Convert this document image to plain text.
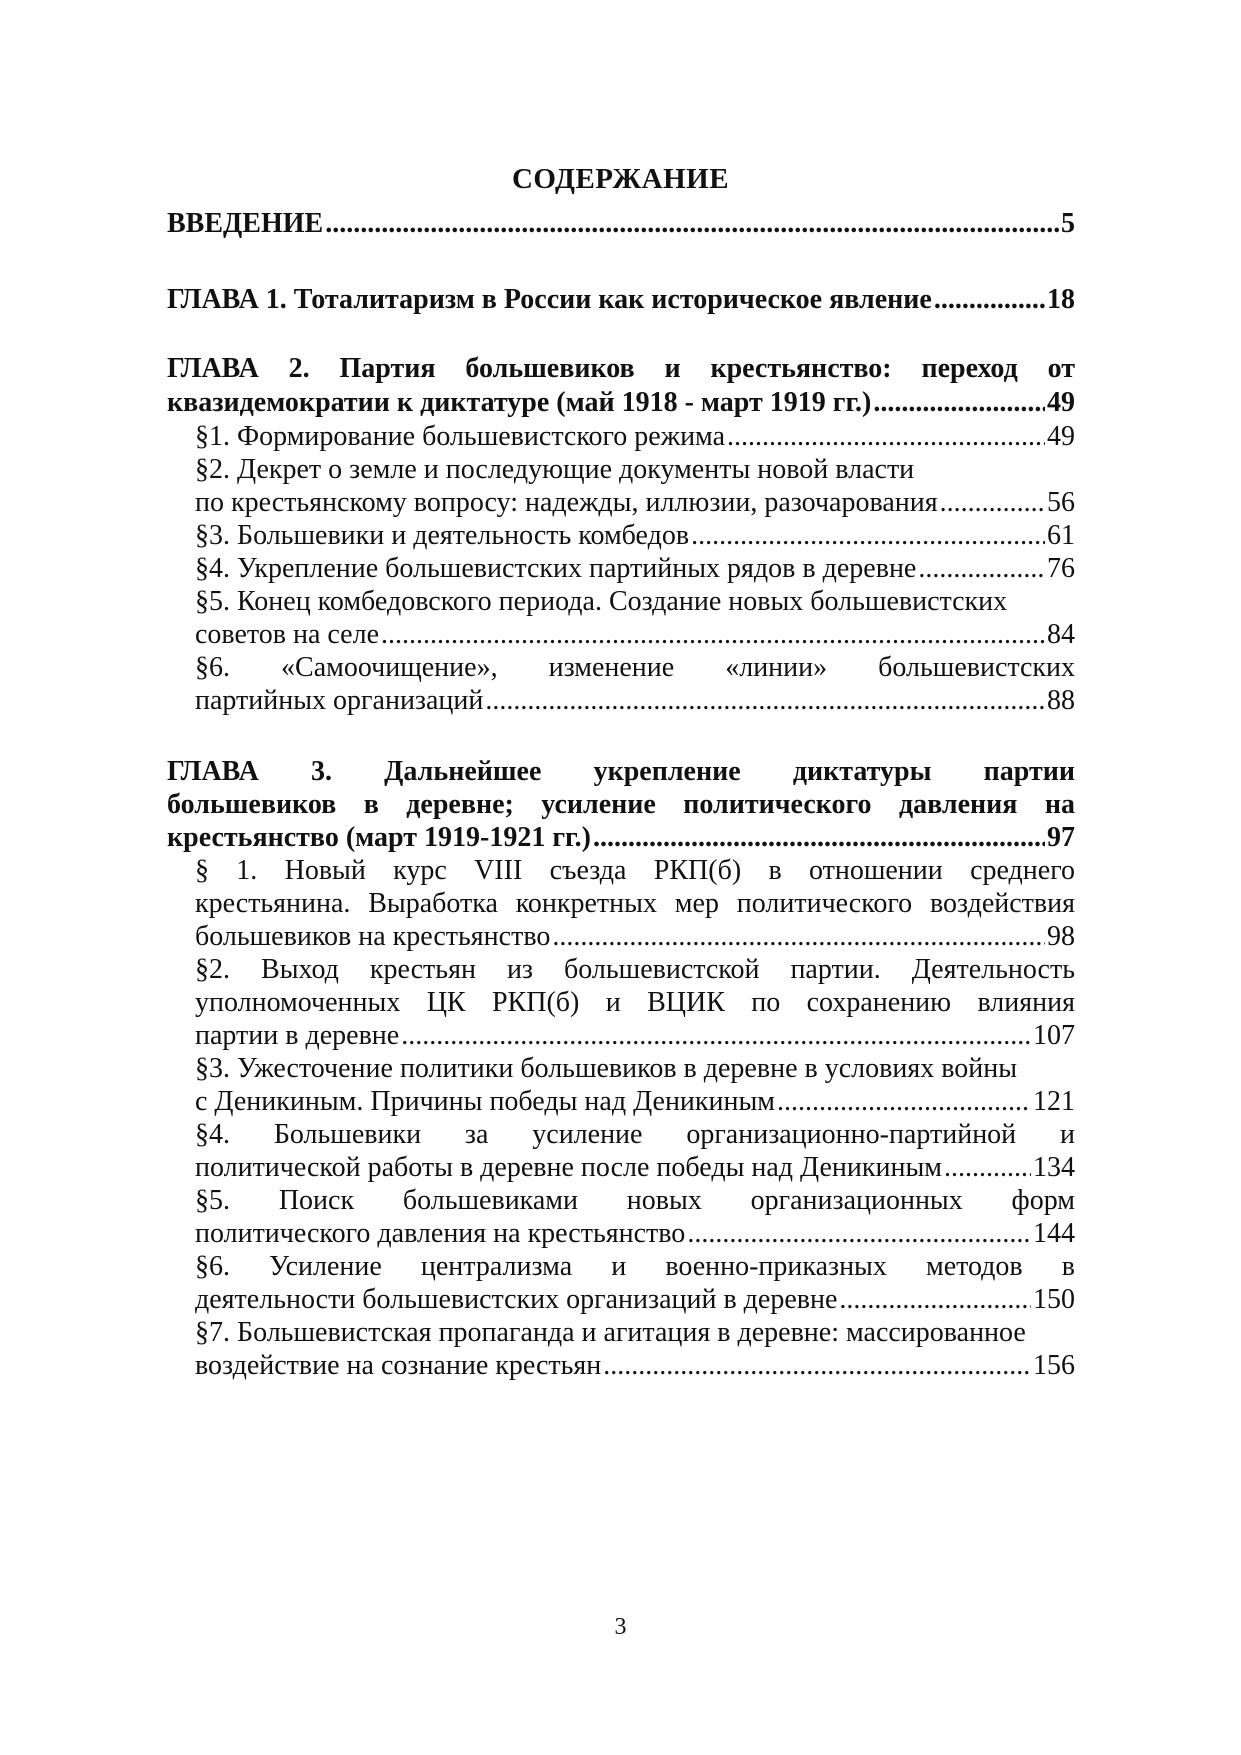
СОДЕРЖАНИЕ
ВВЕДЕНИЕ .....	5
ГЛАВА 1. Тоталитаризм в России как историческое явление .....	18
ГЛАВА 2. Партия большевиков и крестьянство: переход от
квазидемократии к диктатуре (май 1918 - март 1919 гг.) .....	49
§1. Формирование большевистского режима .....	49
§2. Декрет о земле и последующие документы новой власти
по крестьянскому вопросу: надежды, иллюзии, разочарования .....	56
§3. Большевики и деятельность комбедов .....	61
§4. Укрепление большевистских партийных рядов в деревне .....	76
§5. Конец комбедовского периода. Создание новых большевистских
советов на селе .....	84
§6. «Самоочищение», изменение «линии» большевистских
партийных организаций .....	88
ГЛАВА 3. Дальнейшее укрепление диктатуры партии
большевиков в деревне; усиление политического давления на
крестьянство (март 1919-1921 гг.) .....	97
§ 1. Новый курс VIII съезда РКП(б) в отношении среднего
крестьянина. Выработка конкретных мер политического воздействия
большевиков на крестьянство .....	98
§2. Выход крестьян из большевистской партии. Деятельность
уполномоченных ЦК РКП(б) и ВЦИК по сохранению влияния
партии в деревне .....	107
§3. Ужесточение политики большевиков в деревне в условиях войны
с Деникиным. Причины победы над Деникиным .....	121
§4. Большевики за усиление организационно-партийной и
политической работы в деревне после победы над Деникиным .....	134
§5. Поиск большевиками новых организационных форм
политического давления на крестьянство .....	144
§6. Усиление централизма и военно-приказных методов в
деятельности большевистских организаций в деревне .....	150
§7. Большевистская пропаганда и агитация в деревне: массированное
воздействие на сознание крестьян .....	156
3
